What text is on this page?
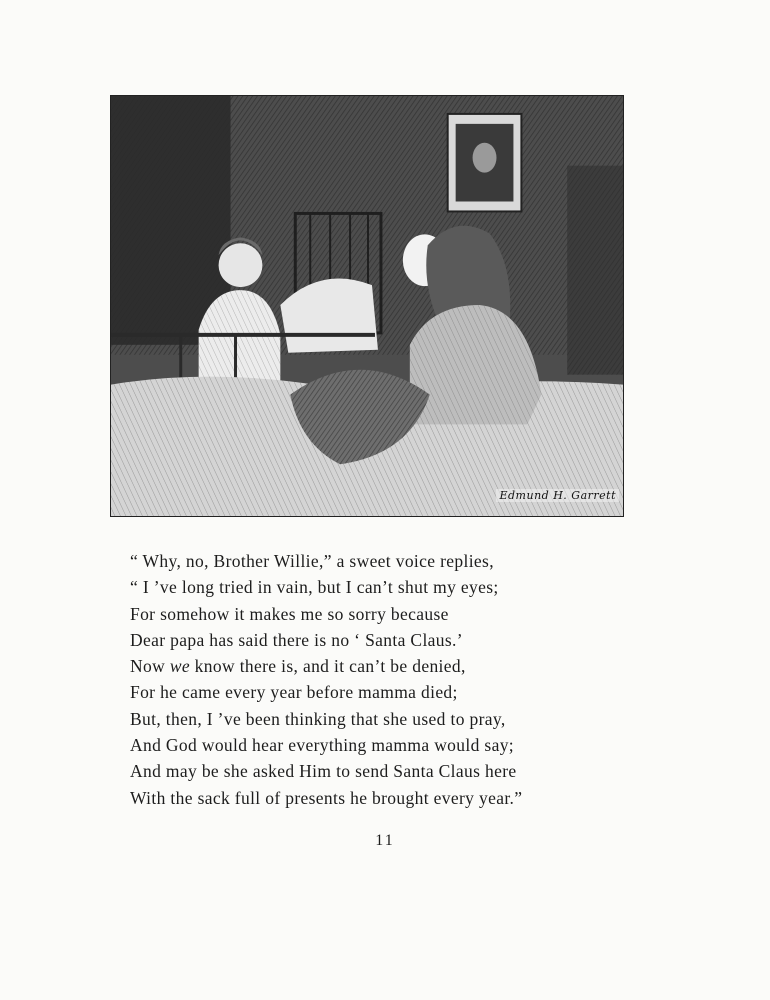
Edmund H. Garrett
“ Why, no, Brother Willie,” a sweet voice replies,
“ I ’ve long tried in vain, but I can’t shut my eyes;
For somehow it makes me so sorry because
Dear papa has said there is no ‘ Santa Claus.’
Now we know there is, and it can’t be denied,
For he came every year before mamma died;
But, then, I ’ve been thinking that she used to pray,
And God would hear everything mamma would say;
And may be she asked Him to send Santa Claus here
With the sack full of presents he brought every year.”
11
